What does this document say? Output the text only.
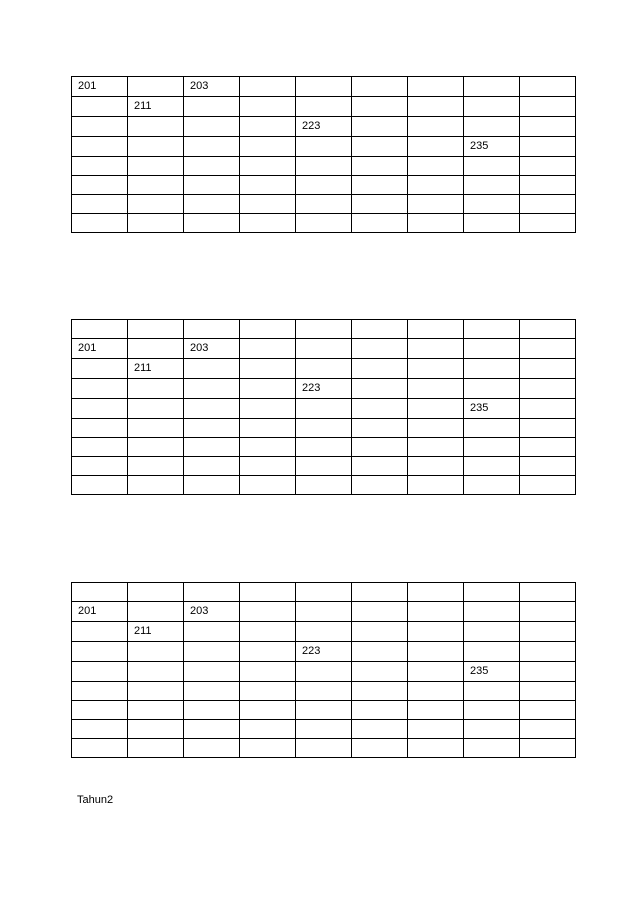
201		203						
	211							
				223				
							235	

201		203						
	211							
				223				
							235	

201		203						
	211							
				223				
							235	

Tahun2
